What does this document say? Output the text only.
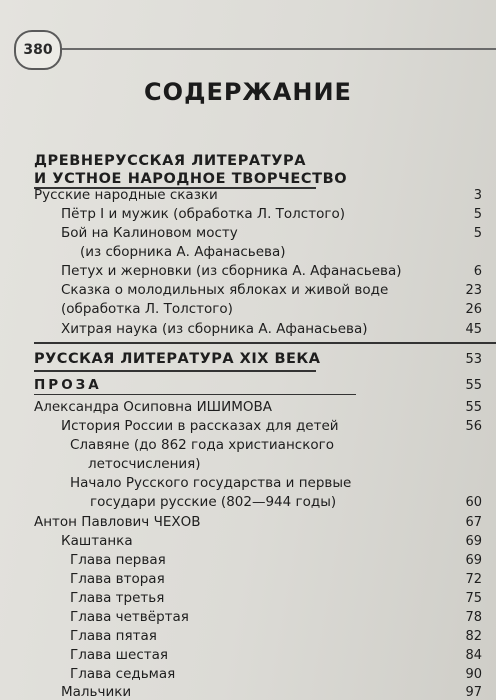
380
СОДЕРЖАНИЕ
ДРЕВНЕРУССКАЯ ЛИТЕРАТУРА
И УСТНОЕ НАРОДНОЕ ТВОРЧЕСТВО
Русские народные сказки	3
Пётр I и мужик (обработка Л. Толстого)	5
Бой на Калиновом мосту	5
(из сборника А. Афанасьева)
Петух и жерновки (из сборника А. Афанасьева)	6
Сказка о молодильных яблоках и живой воде	23
(обработка Л. Толстого)	26
Хитрая наука (из сборника А. Афанасьева)	45
РУССКАЯ ЛИТЕРАТУРА XIX ВЕКА	53
ПРОЗА	55
Александра Осиповна ИШИМОВА	55
История России в рассказах для детей	56
Славяне (до 862 года христианского
летосчисления)
Начало Русского государства и первые
государи русские (802—944 годы)	60
Антон Павлович ЧЕХОВ	67
Каштанка	69
Глава первая	69
Глава вторая	72
Глава третья	75
Глава четвёртая	78
Глава пятая	82
Глава шестая	84
Глава седьмая	90
Мальчики	97
